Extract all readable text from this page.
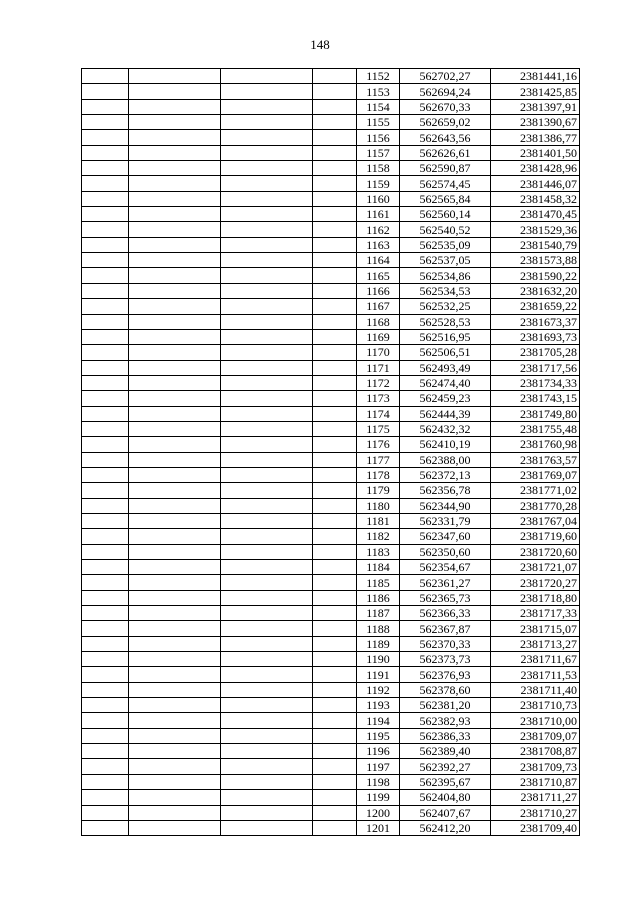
148
				1152	562702,27	2381441,16
				1153	562694,24	2381425,85
				1154	562670,33	2381397,91
				1155	562659,02	2381390,67
				1156	562643,56	2381386,77
				1157	562626,61	2381401,50
				1158	562590,87	2381428,96
				1159	562574,45	2381446,07
				1160	562565,84	2381458,32
				1161	562560,14	2381470,45
				1162	562540,52	2381529,36
				1163	562535,09	2381540,79
				1164	562537,05	2381573,88
				1165	562534,86	2381590,22
				1166	562534,53	2381632,20
				1167	562532,25	2381659,22
				1168	562528,53	2381673,37
				1169	562516,95	2381693,73
				1170	562506,51	2381705,28
				1171	562493,49	2381717,56
				1172	562474,40	2381734,33
				1173	562459,23	2381743,15
				1174	562444,39	2381749,80
				1175	562432,32	2381755,48
				1176	562410,19	2381760,98
				1177	562388,00	2381763,57
				1178	562372,13	2381769,07
				1179	562356,78	2381771,02
				1180	562344,90	2381770,28
				1181	562331,79	2381767,04
				1182	562347,60	2381719,60
				1183	562350,60	2381720,60
				1184	562354,67	2381721,07
				1185	562361,27	2381720,27
				1186	562365,73	2381718,80
				1187	562366,33	2381717,33
				1188	562367,87	2381715,07
				1189	562370,33	2381713,27
				1190	562373,73	2381711,67
				1191	562376,93	2381711,53
				1192	562378,60	2381711,40
				1193	562381,20	2381710,73
				1194	562382,93	2381710,00
				1195	562386,33	2381709,07
				1196	562389,40	2381708,87
				1197	562392,27	2381709,73
				1198	562395,67	2381710,87
				1199	562404,80	2381711,27
				1200	562407,67	2381710,27
				1201	562412,20	2381709,40
